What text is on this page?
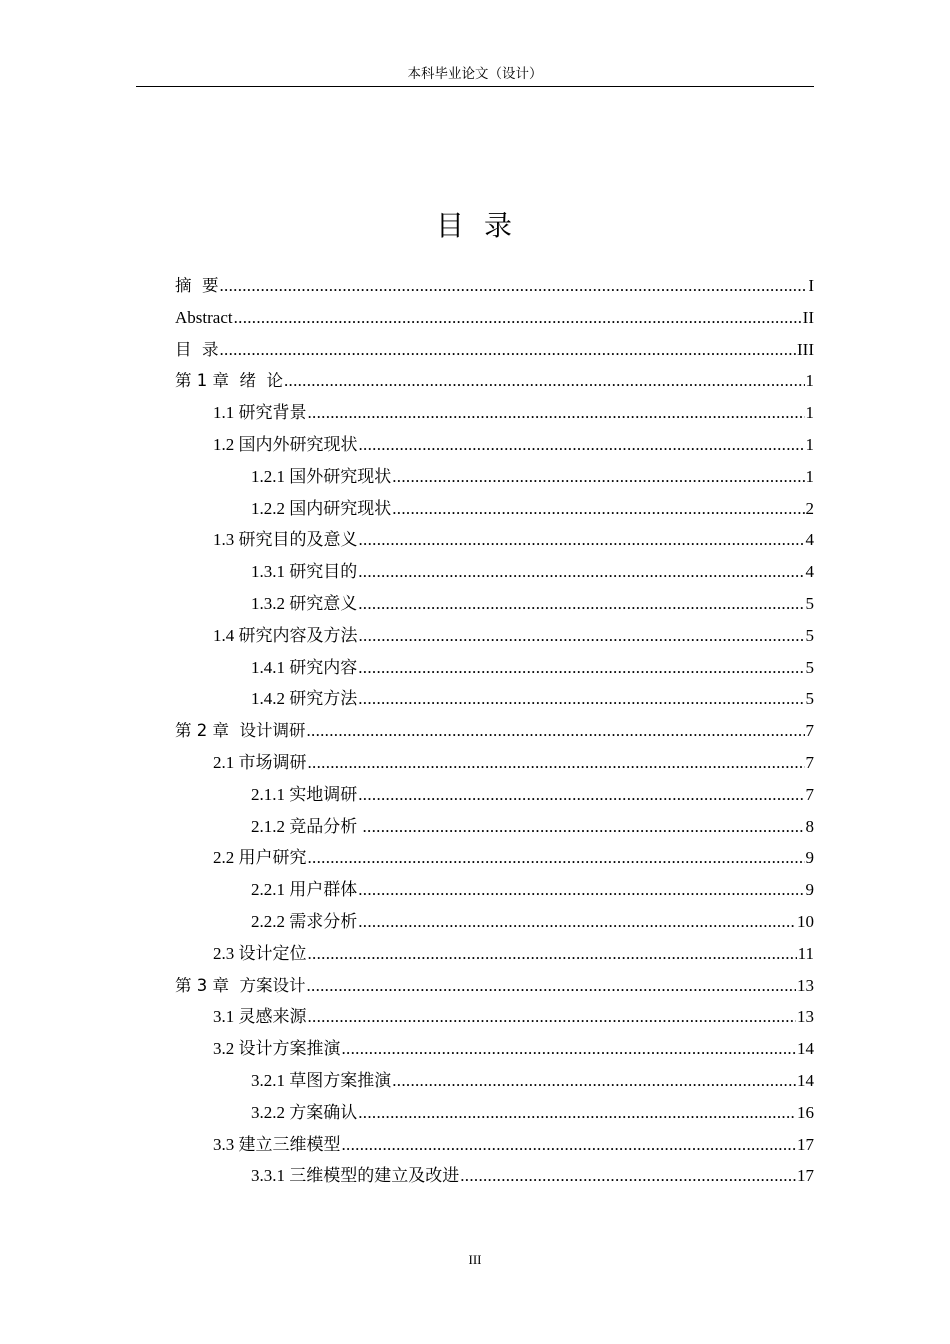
本科毕业论文（设计）
目录
摘  要 .....	I
Abstract .....	II
目  录 .....	III
第 1 章  绪  论 .....	1
1.1 研究背景 .....	1
1.2 国内外研究现状 .....	1
1.2.1 国外研究现状 .....	1
1.2.2 国内研究现状 .....	2
1.3 研究目的及意义 .....	4
1.3.1 研究目的 .....	4
1.3.2 研究意义 .....	5
1.4 研究内容及方法 .....	5
1.4.1 研究内容 .....	5
1.4.2 研究方法 .....	5
第 2 章  设计调研 .....	7
2.1 市场调研 .....	7
2.1.1 实地调研 .....	7
2.1.2 竞品分析 .....	8
2.2 用户研究 .....	9
2.2.1 用户群体 .....	9
2.2.2 需求分析 .....	10
2.3 设计定位 .....	11
第 3 章  方案设计 .....	13
3.1 灵感来源 .....	13
3.2 设计方案推演 .....	14
3.2.1 草图方案推演 .....	14
3.2.2 方案确认 .....	16
3.3 建立三维模型 .....	17
3.3.1 三维模型的建立及改进 .....	17
III
